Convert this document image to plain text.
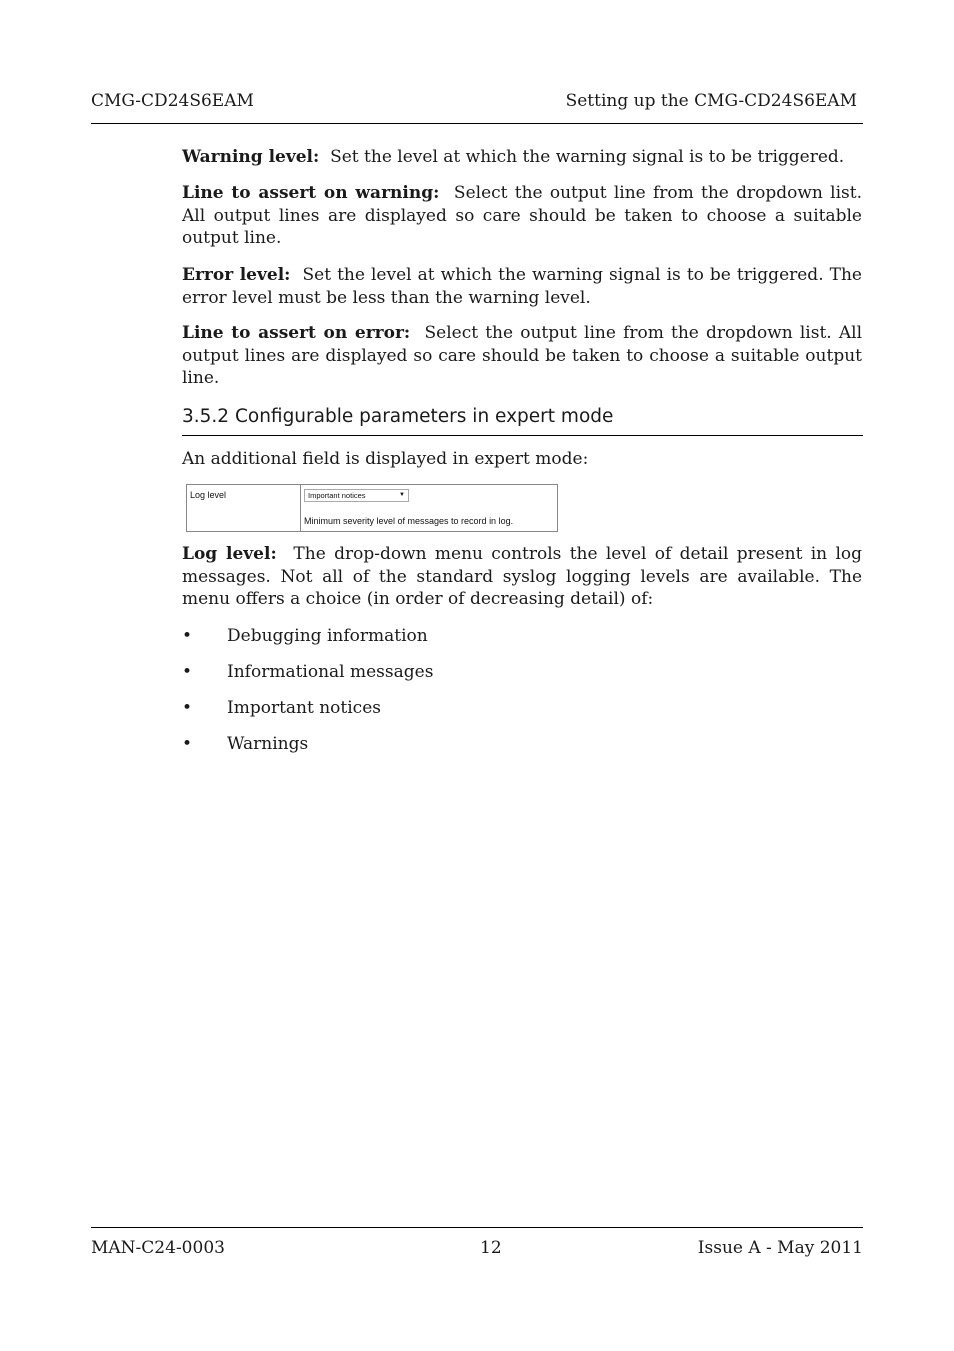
CMG-CD24S6EAM	Setting up the CMG-CD24S6EAM

Warning level: Set the level at which the warning signal is to be triggered.

Line to assert on warning: Select the output line from the dropdown list. All output lines are displayed so care should be taken to choose a suitable output line.

Error level: Set the level at which the warning signal is to be triggered. The error level must be less than the warning level.

Line to assert on error: Select the output line from the dropdown list. All output lines are displayed so care should be taken to choose a suitable output line.

3.5.2 Configurable parameters in expert mode

An additional field is displayed in expert mode:

Log level	Important notices	▼
Minimum severity level of messages to record in log.

Log level: The drop-down menu controls the level of detail present in log messages. Not all of the standard syslog logging levels are available. The menu offers a choice (in order of decreasing detail) of:

• Debugging information
• Informational messages
• Important notices
• Warnings
MAN-C24-0003	12	Issue A - May 2011
